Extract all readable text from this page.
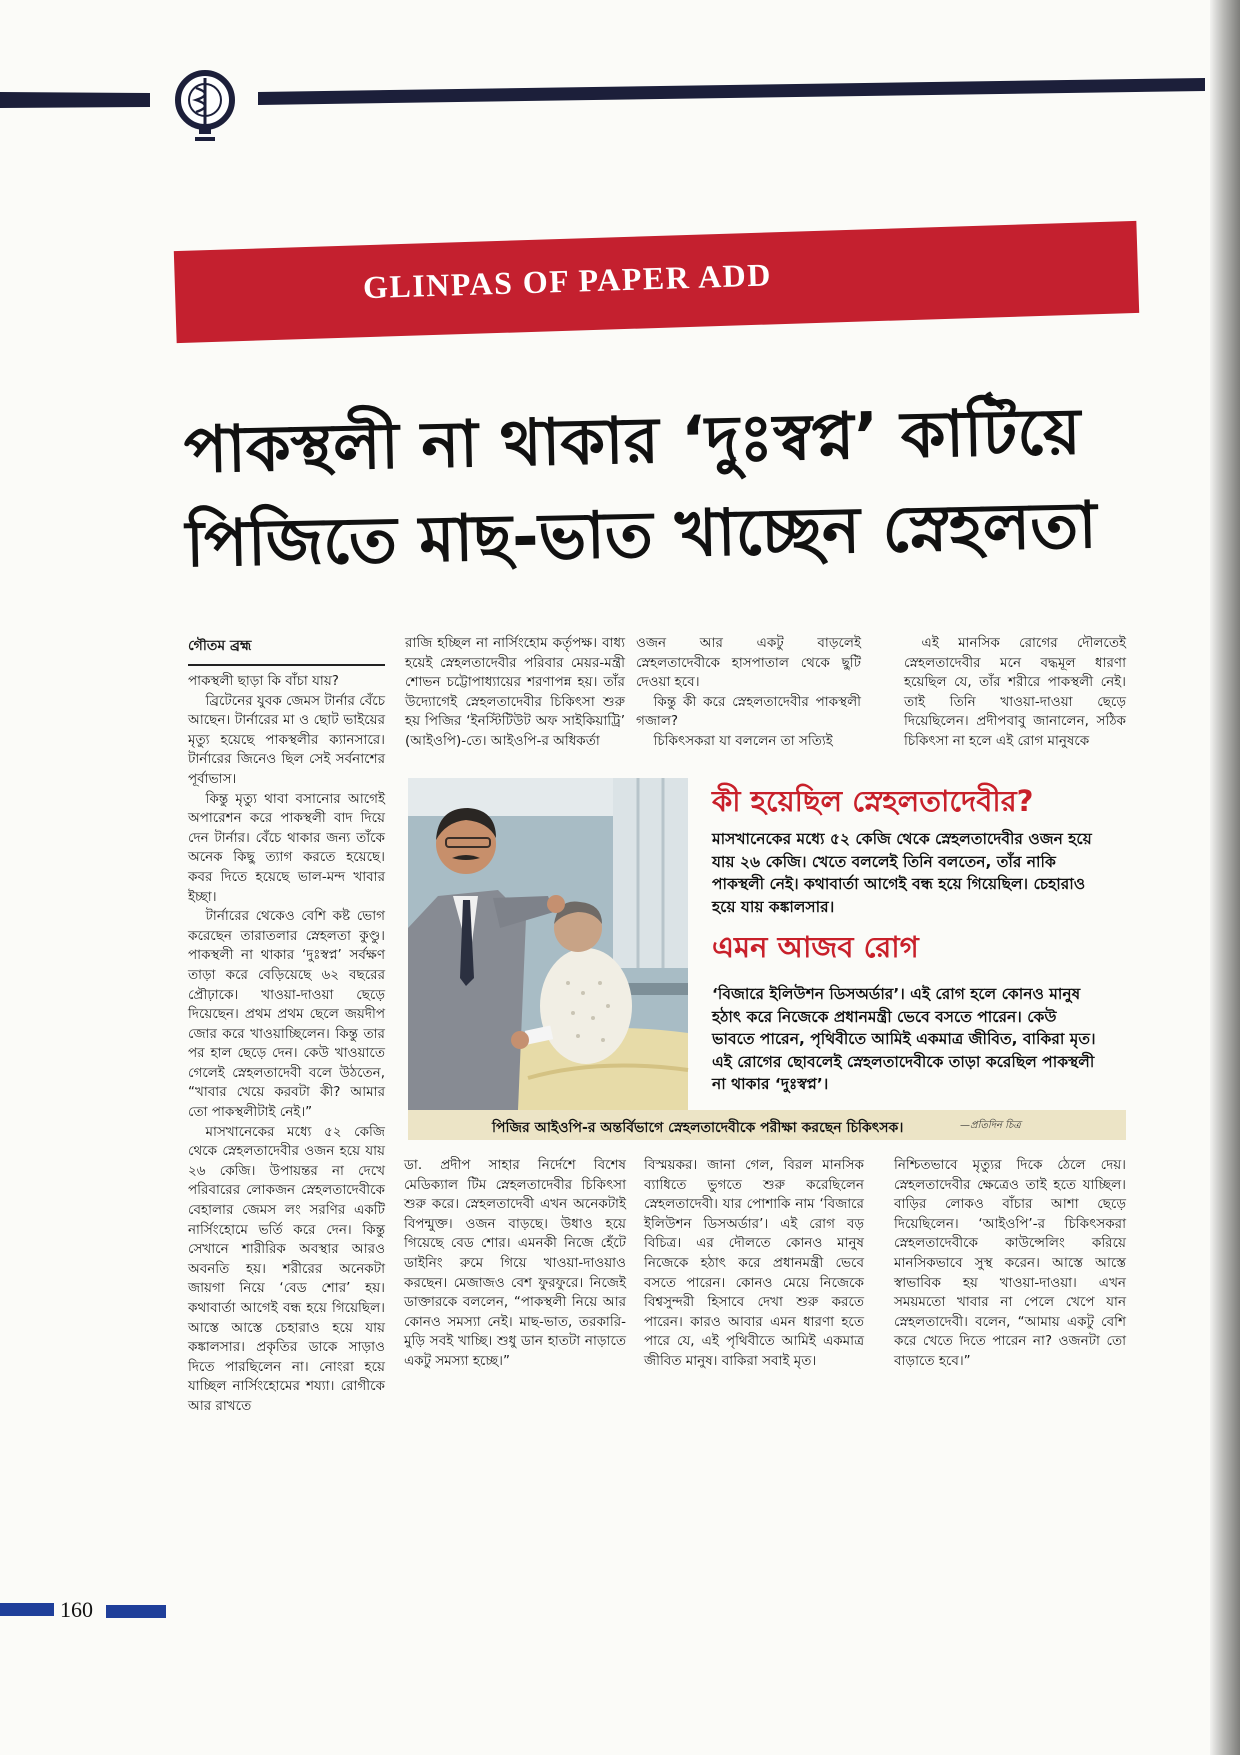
GLINPAS OF PAPER ADD
পাকস্থলী না থাকার ‘দুঃস্বপ্ন’ কাটিয়ে
পিজিতে মাছ-ভাত খাচ্ছেন স্নেহলতা
গৌতম ব্রহ্ম

পাকস্থলী ছাড়া কি বাঁচা যায়?

ব্রিটেনের যুবক জেমস টার্নার বেঁচে আছেন। টার্নারের মা ও ছোট ভাইয়ের মৃত্যু হয়েছে পাকস্থলীর ক্যানসারে। টার্নারের জিনেও ছিল সেই সর্বনাশের পূর্বাভাস।

কিন্তু মৃত্যু থাবা বসানোর আগেই অপারেশন করে পাকস্থলী বাদ দিয়ে দেন টার্নার। বেঁচে থাকার জন্য তাঁকে অনেক কিছু ত্যাগ করতে হয়েছে। কবর দিতে হয়েছে ভাল-মন্দ খাবার ইচ্ছা।

টার্নারের থেকেও বেশি কষ্ট ভোগ করেছেন তারাতলার স্নেহলতা কুণ্ডু। পাকস্থলী না থাকার ‘দুঃস্বপ্ন’ সর্বক্ষণ তাড়া করে বেড়িয়েছে ৬২ বছরের প্রৌঢ়াকে। খাওয়া-দাওয়া ছেড়ে দিয়েছেন। প্রথম প্রথম ছেলে জয়দীপ জোর করে খাওয়াচ্ছিলেন। কিন্তু তার পর হাল ছেড়ে দেন। কেউ খাওয়াতে গেলেই স্নেহলতাদেবী বলে উঠতেন, “খাবার খেয়ে করবটা কী? আমার তো পাকস্থলীটাই নেই।”

মাসখানেকের মধ্যে ৫২ কেজি থেকে স্নেহলতাদেবীর ওজন হয়ে যায় ২৬ কেজি। উপায়ন্তর না দেখে পরিবারের লোকজন স্নেহলতাদেবীকে বেহালার জেমস লং সরণির একটি নার্সিংহোমে ভর্তি করে দেন। কিন্তু সেখানে শারীরিক অবস্থার আরও অবনতি হয়। শরীরের অনেকটা জায়গা নিয়ে ‘বেড শোর’ হয়। কথাবার্তা আগেই বন্ধ হয়ে গিয়েছিল। আস্তে আস্তে চেহারাও হয়ে যায় কঙ্কালসার। প্রকৃতির ডাকে সাড়াও দিতে পারছিলেন না। নোংরা হয়ে যাচ্ছিল নার্সিংহোমের শয্যা। রোগীকে আর রাখতে

রাজি হচ্ছিল না নার্সিংহোম কর্তৃপক্ষ। বাধ্য হয়েই স্নেহলতাদেবীর পরিবার মেয়র-মন্ত্রী শোভন চট্টোপাধ্যায়ের শরণাপন্ন হয়। তাঁর উদ্যোগেই স্নেহলতাদেবীর চিকিৎসা শুরু হয় পিজির ‘ইনস্টিটিউট অফ সাইকিয়াট্রি’ (আইওপি)-তে। আইওপি-র অধিকর্তা

ওজন আর একটু বাড়লেই স্নেহলতাদেবীকে হাসপাতাল থেকে ছুটি দেওয়া হবে।

কিন্তু কী করে স্নেহলতাদেবীর পাকস্থলী গজাল?

চিকিৎসকরা যা বললেন তা সত্যিই

এই মানসিক রোগের দৌলতেই স্নেহলতাদেবীর মনে বদ্ধমূল ধারণা হয়েছিল যে, তাঁর শরীরে পাকস্থলী নেই। তাই তিনি খাওয়া-দাওয়া ছেড়ে দিয়েছিলেন। প্রদীপবাবু জানালেন, সঠিক চিকিৎসা না হলে এই রোগ মানুষকে

কী হয়েছিল স্নেহলতাদেবীর?
মাসখানেকের মধ্যে ৫২ কেজি থেকে স্নেহলতাদেবীর ওজন হয়ে যায় ২৬ কেজি। খেতে বললেই তিনি বলতেন, তাঁর নাকি পাকস্থলী নেই। কথাবার্তা আগেই বন্ধ হয়ে গিয়েছিল। চেহারাও হয়ে যায় কঙ্কালসার।
এমন আজব রোগ
‘বিজারে ইলিউশন ডিসঅর্ডার’। এই রোগ হলে কোনও মানুষ হঠাৎ করে নিজেকে প্রধানমন্ত্রী ভেবে বসতে পারেন। কেউ ভাবতে পারেন, পৃথিবীতে আমিই একমাত্র জীবিত, বাকিরা মৃত। এই রোগের ছোবলেই স্নেহলতাদেবীকে তাড়া করেছিল পাকস্থলী না থাকার ‘দুঃস্বপ্ন’।
পিজির আইওপি-র অন্তর্বিভাগে স্নেহলতাদেবীকে পরীক্ষা করছেন চিকিৎসক।	—প্রতিদিন চিত্র

ডা. প্রদীপ সাহার নির্দেশে বিশেষ মেডিক্যাল টিম স্নেহলতাদেবীর চিকিৎসা শুরু করে। স্নেহলতাদেবী এখন অনেকটাই বিপন্মুক্ত। ওজন বাড়ছে। উধাও হয়ে গিয়েছে বেড শোর। এমনকী নিজে হেঁটে ডাইনিং রুমে গিয়ে খাওয়া-দাওয়াও করছেন। মেজাজও বেশ ফুরফুরে। নিজেই ডাক্তারকে বললেন, “পাকস্থলী নিয়ে আর কোনও সমস্যা নেই। মাছ-ভাত, তরকারি-মুড়ি সবই খাচ্ছি। শুধু ডান হাতটা নাড়াতে একটু সমস্যা হচ্ছে।”

বিস্ময়কর। জানা গেল, বিরল মানসিক ব্যাধিতে ভুগতে শুরু করেছিলেন স্নেহলতাদেবী। যার পোশাকি নাম ‘বিজারে ইলিউশন ডিসঅর্ডার’। এই রোগ বড় বিচিত্র। এর দৌলতে কোনও মানুষ নিজেকে হঠাৎ করে প্রধানমন্ত্রী ভেবে বসতে পারেন। কোনও মেয়ে নিজেকে বিশ্বসুন্দরী হিসাবে দেখা শুরু করতে পারেন। কারও আবার এমন ধারণা হতে পারে যে, এই পৃথিবীতে আমিই একমাত্র জীবিত মানুষ। বাকিরা সবাই মৃত।

নিশ্চিতভাবে মৃত্যুর দিকে ঠেলে দেয়। স্নেহলতাদেবীর ক্ষেত্রেও তাই হতে যাচ্ছিল। বাড়ির লোকও বাঁচার আশা ছেড়ে দিয়েছিলেন। ‘আইওপি’-র চিকিৎসকরা স্নেহলতাদেবীকে কাউন্সেলিং করিয়ে মানসিকভাবে সুস্থ করেন। আস্তে আস্তে স্বাভাবিক হয় খাওয়া-দাওয়া। এখন সময়মতো খাবার না পেলে খেপে যান স্নেহলতাদেবী। বলেন, “আমায় একটু বেশি করে খেতে দিতে পারেন না? ওজনটা তো বাড়াতে হবে।”

160
